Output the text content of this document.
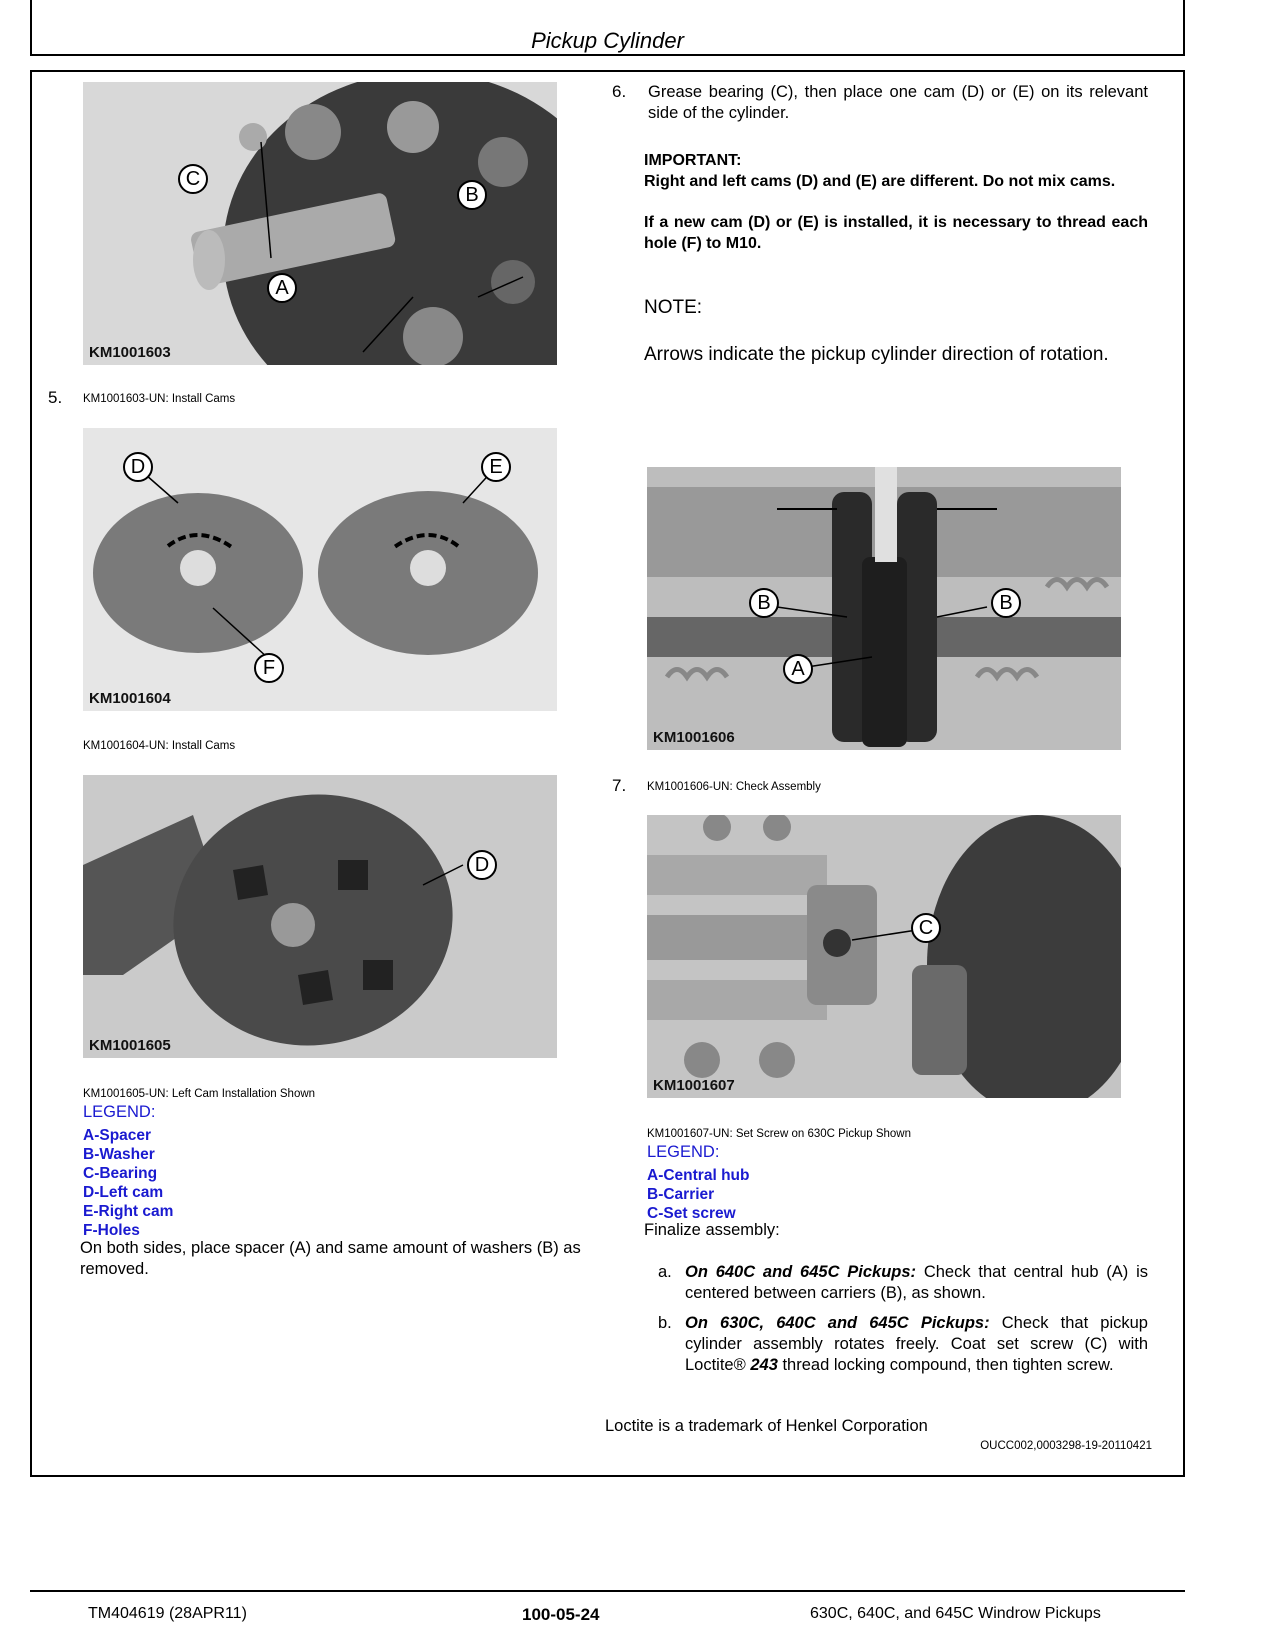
Pickup Cylinder
C
B
A
KM1001603
5. KM1001603-UN: Install Cams
D	E
F
KM1001604
KM1001604-UN: Install Cams
D
KM1001605
KM1001605-UN: Left Cam Installation Shown
LEGEND:
A-Spacer
B-Washer
C-Bearing
D-Left cam
E-Right cam
F-Holes
On both sides, place spacer (A) and same amount of washers (B) as removed.
6. Grease bearing (C), then place one cam (D) or (E) on its relevant side of the cylinder.
IMPORTANT:
Right and left cams (D) and (E) are different. Do not mix cams.
If a new cam (D) or (E) is installed, it is necessary to thread each hole (F) to M10.
NOTE:
Arrows indicate the pickup cylinder direction of rotation.
B	B
A
KM1001606
7. KM1001606-UN: Check Assembly
C
KM1001607
KM1001607-UN: Set Screw on 630C Pickup Shown
LEGEND:
A-Central hub
B-Carrier
C-Set screw
Finalize assembly:
a. On 640C and 645C Pickups: Check that central hub (A) is centered between carriers (B), as shown.
b. On 630C, 640C and 645C Pickups: Check that pickup cylinder assembly rotates freely. Coat set screw (C) with Loctite® 243 thread locking compound, then tighten screw.
Loctite is a trademark of Henkel Corporation
OUCC002,0003298-19-20110421
TM404619 (28APR11)	100-05-24	630C, 640C, and 645C Windrow Pickups
